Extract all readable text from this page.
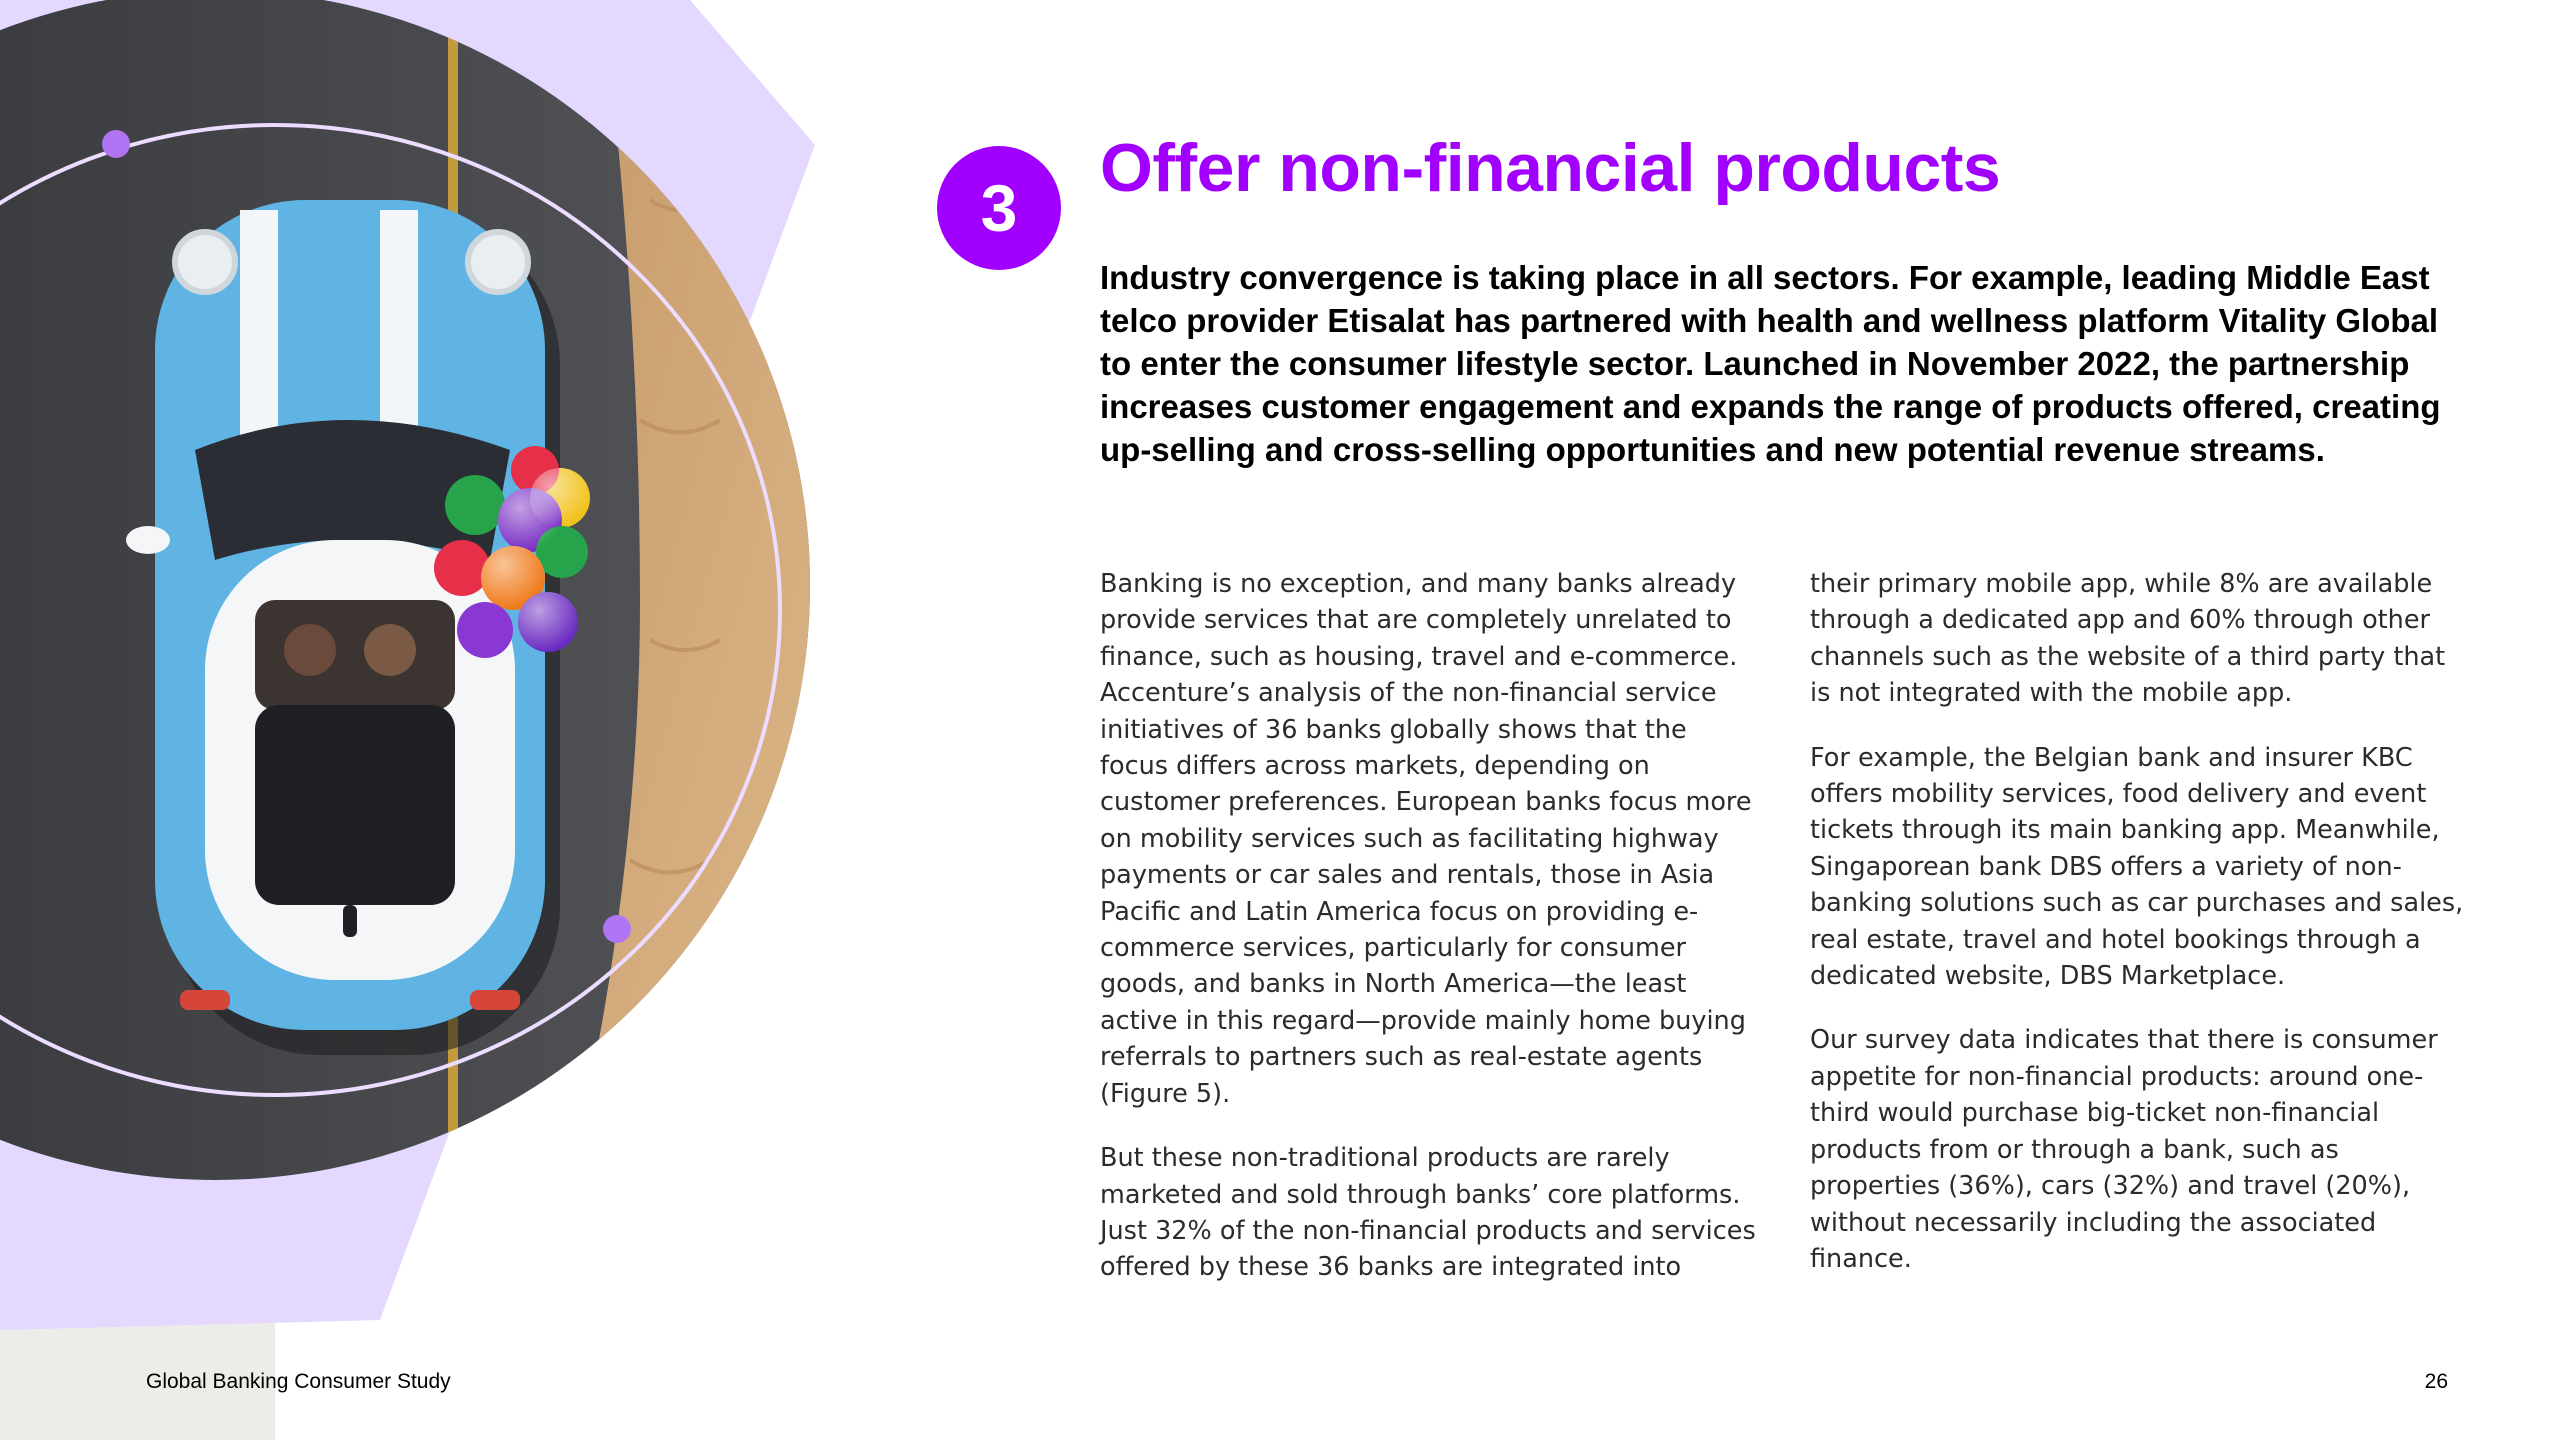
3
Offer non-financial products

Industry convergence is taking place in all sectors. For example, leading Middle East telco provider Etisalat has partnered with health and wellness platform Vitality Global to enter the consumer lifestyle sector. Launched in November 2022, the partnership increases customer engagement and expands the range of products offered, creating up-selling and cross-selling opportunities and new potential revenue streams.

Banking is no exception, and many banks already provide services that are completely unrelated to finance, such as housing, travel and e-commerce. Accenture’s analysis of the non-financial service initiatives of 36 banks globally shows that the focus differs across markets, depending on customer preferences. European banks focus more on mobility services such as facilitating highway payments or car sales and rentals, those in Asia Pacific and Latin America focus on providing e-commerce services, particularly for consumer goods, and banks in North America—the least active in this regard—provide mainly home buying referrals to partners such as real-estate agents (Figure 5).

But these non-traditional products are rarely marketed and sold through banks’ core platforms. Just 32% of the non-financial products and services offered by these 36 banks are integrated into

their primary mobile app, while 8% are available through a dedicated app and 60% through other channels such as the website of a third party that is not integrated with the mobile app.

For example, the Belgian bank and insurer KBC offers mobility services, food delivery and event tickets through its main banking app. Meanwhile, Singaporean bank DBS offers a variety of non-banking solutions such as car purchases and sales, real estate, travel and hotel bookings through a dedicated website, DBS Marketplace.

Our survey data indicates that there is consumer appetite for non-financial products: around one-third would purchase big-ticket non-financial products from or through a bank, such as properties (36%), cars (32%) and travel (20%), without necessarily including the associated finance.

Global Banking Consumer Study	26
